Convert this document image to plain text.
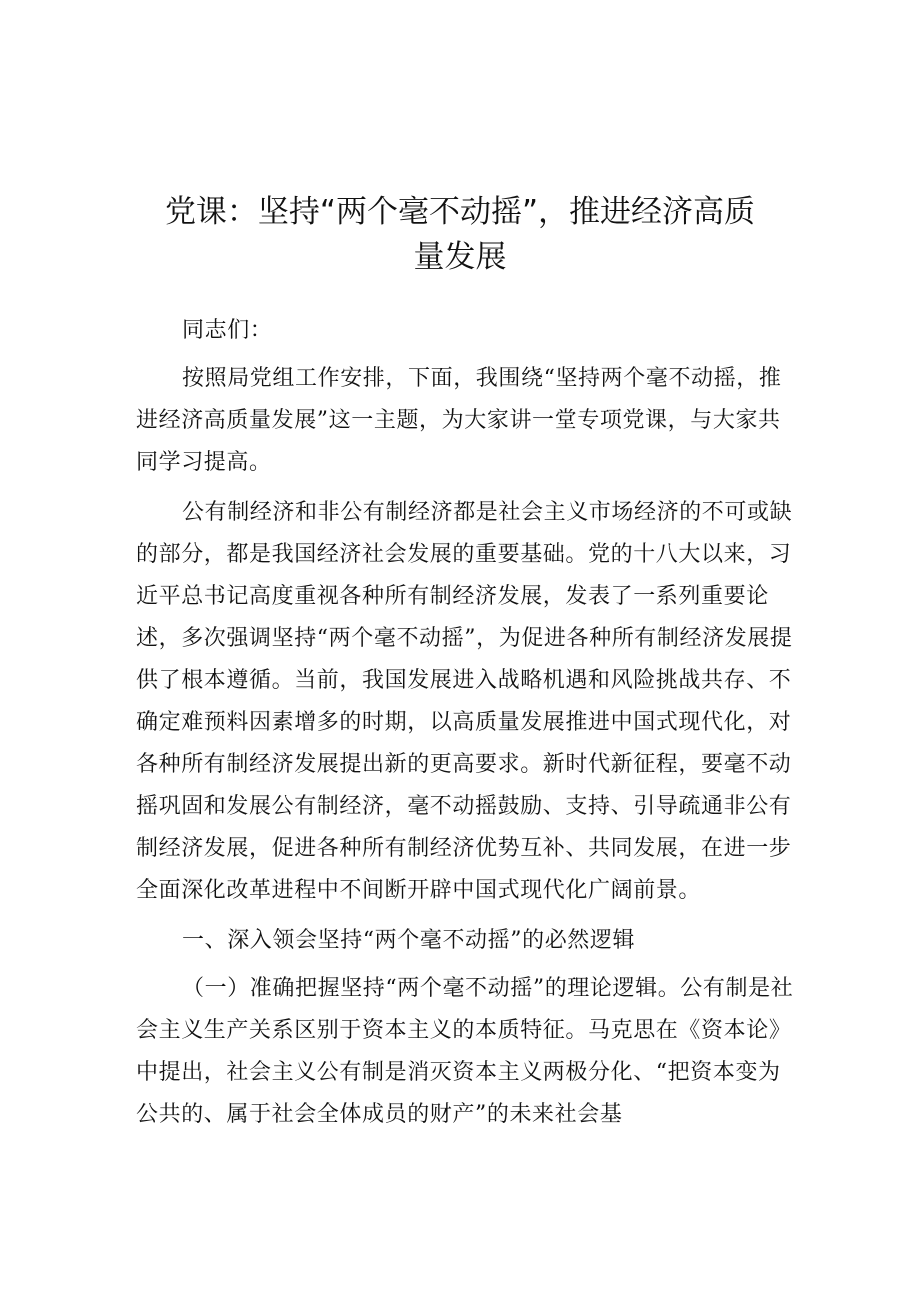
党课：坚持“两个毫不动摇”，推进经济高质
量发展

同志们：

按照局党组工作安排，下面，我围绕“坚持两个毫不动摇，推进经济高质量发展”这一主题，为大家讲一堂专项党课，与大家共同学习提高。

公有制经济和非公有制经济都是社会主义市场经济的不可或缺的部分，都是我国经济社会发展的重要基础。党的十八大以来，习近平总书记高度重视各种所有制经济发展，发表了一系列重要论述，多次强调坚持“两个毫不动摇”，为促进各种所有制经济发展提供了根本遵循。当前，我国发展进入战略机遇和风险挑战共存、不确定难预料因素增多的时期，以高质量发展推进中国式现代化，对各种所有制经济发展提出新的更高要求。新时代新征程，要毫不动摇巩固和发展公有制经济，毫不动摇鼓励、支持、引导疏通非公有制经济发展，促进各种所有制经济优势互补、共同发展，在进一步全面深化改革进程中不间断开辟中国式现代化广阔前景。

一、深入领会坚持“两个毫不动摇”的必然逻辑

（一）准确把握坚持“两个毫不动摇”的理论逻辑。公有制是社会主义生产关系区别于资本主义的本质特征。马克思在《资本论》中提出，社会主义公有制是消灭资本主义两极分化、“把资本变为公共的、属于社会全体成员的财产”的未来社会基
